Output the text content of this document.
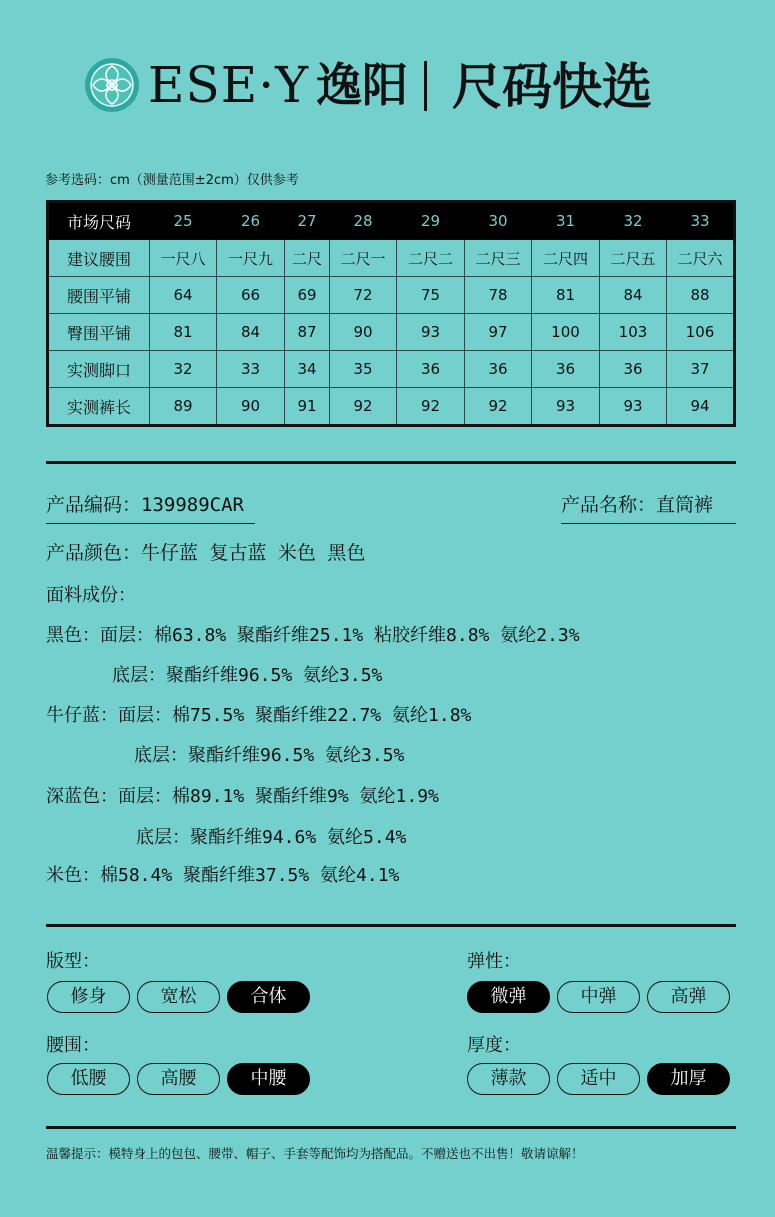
ESE·Y 逸阳 尺码快选
参考选码：cm（测量范围±2cm）仅供参考
市场尺码	25	26	27	28	29	30	31	32	33
建议腰围	一尺八	一尺九	二尺	二尺一	二尺二	二尺三	二尺四	二尺五	二尺六
腰围平铺	64	66	69	72	75	78	81	84	88
臀围平铺	81	84	87	90	93	97	100	103	106
实测脚口	32	33	34	35	36	36	36	36	37
实测裤长	89	90	91	92	92	92	93	93	94
产品编码：139989CAR	产品名称：直筒裤
产品颜色：牛仔蓝 复古蓝 米色 黑色
面料成份：
黑色：面层：棉63.8% 聚酯纤维25.1% 粘胶纤维8.8% 氨纶2.3%
底层：聚酯纤维96.5% 氨纶3.5%
牛仔蓝：面层：棉75.5% 聚酯纤维22.7% 氨纶1.8%
底层：聚酯纤维96.5% 氨纶3.5%
深蓝色：面层：棉89.1% 聚酯纤维9% 氨纶1.9%
底层：聚酯纤维94.6% 氨纶5.4%
米色：棉58.4% 聚酯纤维37.5% 氨纶4.1%
版型：
修身	宽松	合体
弹性：
微弹	中弹	高弹
腰围：
低腰	高腰	中腰
厚度：
薄款	适中	加厚
温馨提示：模特身上的包包、腰带、帽子、手套等配饰均为搭配品。不赠送也不出售！敬请谅解！
